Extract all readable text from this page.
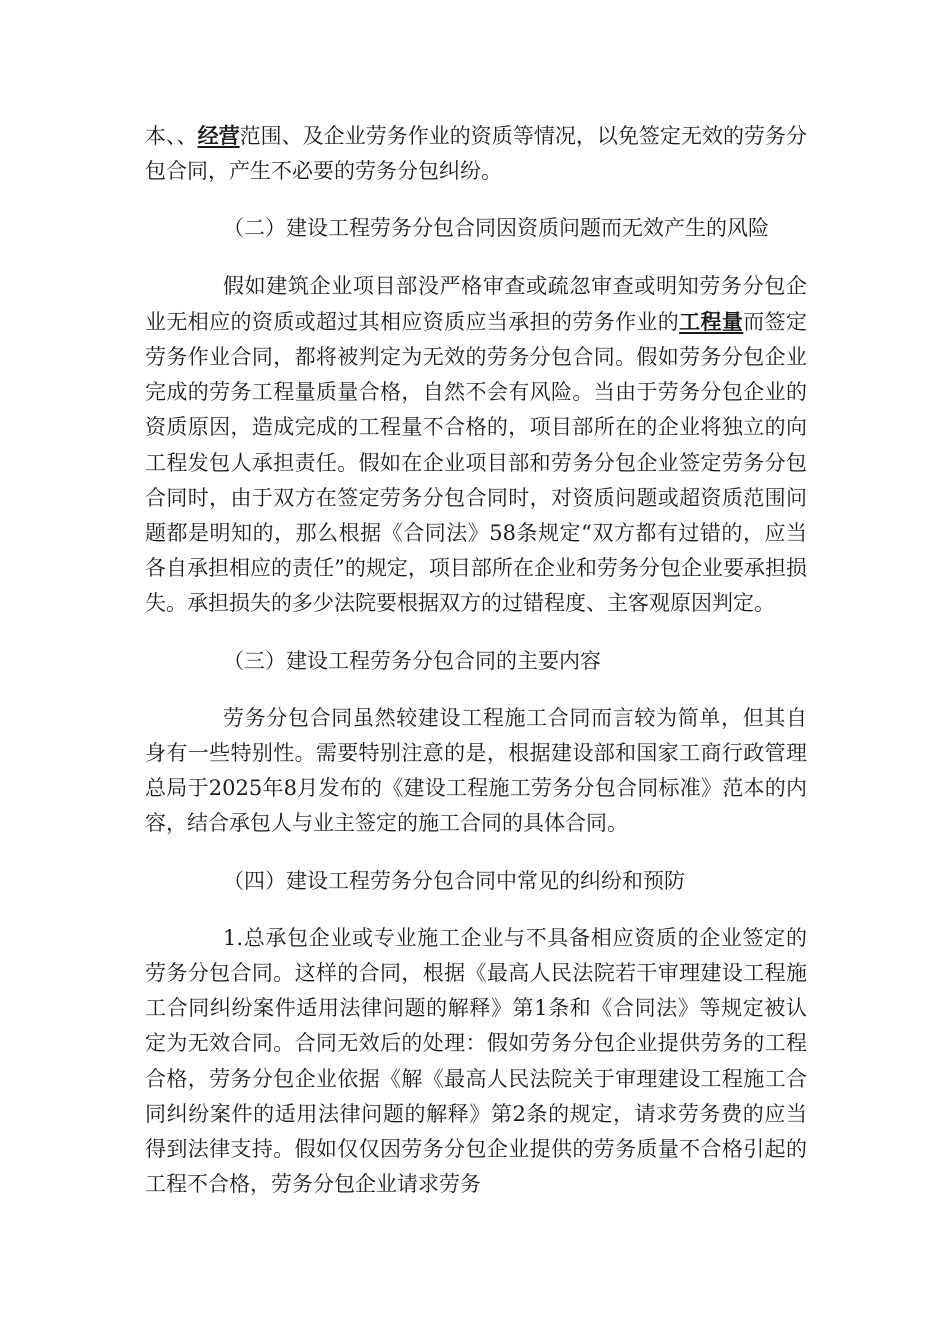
本、、经营范围、及企业劳务作业的资质等情况，以免签定无效的劳务分包合同，产生不必要的劳务分包纠纷。

（二）建设工程劳务分包合同因资质问题而无效产生的风险

假如建筑企业项目部没严格审查或疏忽审查或明知劳务分包企业无相应的资质或超过其相应资质应当承担的劳务作业的工程量而签定劳务作业合同，都将被判定为无效的劳务分包合同。假如劳务分包企业完成的劳务工程量质量合格，自然不会有风险。当由于劳务分包企业的资质原因，造成完成的工程量不合格的，项目部所在的企业将独立的向工程发包人承担责任。假如在企业项目部和劳务分包企业签定劳务分包合同时，由于双方在签定劳务分包合同时，对资质问题或超资质范围问题都是明知的，那么根据《合同法》58条规定“双方都有过错的，应当各自承担相应的责任”的规定，项目部所在企业和劳务分包企业要承担损失。承担损失的多少法院要根据双方的过错程度、主客观原因判定。

（三）建设工程劳务分包合同的主要内容

劳务分包合同虽然较建设工程施工合同而言较为简单，但其自身有一些特别性。需要特别注意的是，根据建设部和国家工商行政管理总局于2025年8月发布的《建设工程施工劳务分包合同标准》范本的内容，结合承包人与业主签定的施工合同的具体合同。

（四）建设工程劳务分包合同中常见的纠纷和预防

1.总承包企业或专业施工企业与不具备相应资质的企业签定的劳务分包合同。这样的合同，根据《最高人民法院若干审理建设工程施工合同纠纷案件适用法律问题的解释》第1条和《合同法》等规定被认定为无效合同。合同无效后的处理：假如劳务分包企业提供劳务的工程合格，劳务分包企业依据《解《最高人民法院关于审理建设工程施工合同纠纷案件的适用法律问题的解释》第2条的规定，请求劳务费的应当得到法律支持。假如仅仅因劳务分包企业提供的劳务质量不合格引起的工程不合格，劳务分包企业请求劳务
